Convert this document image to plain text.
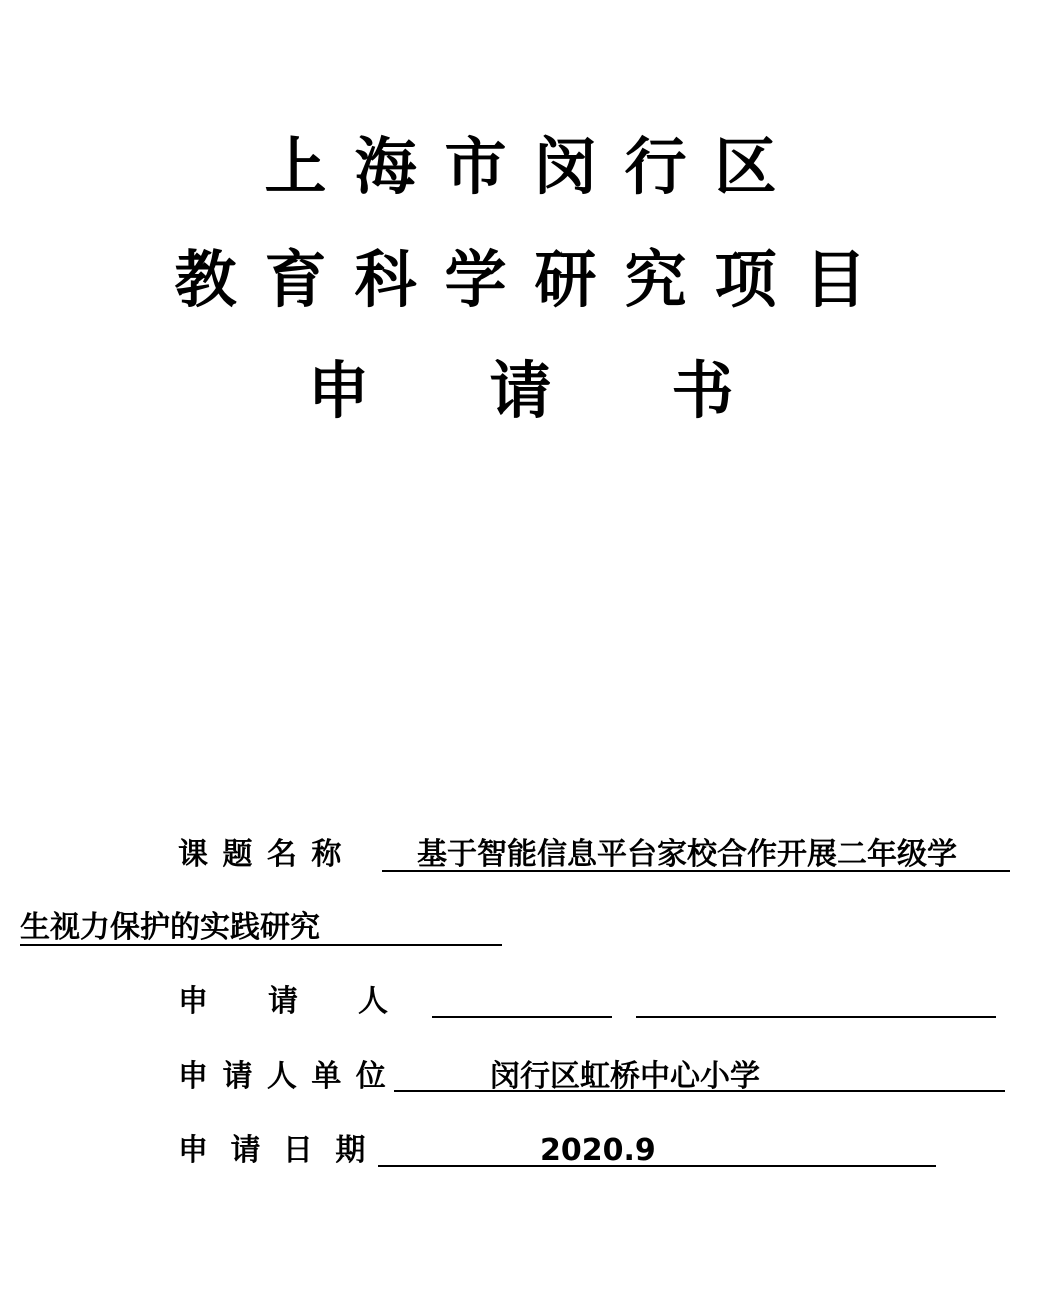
上海市闵行区
教育科学研究项目
申请书
课 题 名 称 基于智能信息平台家校合作开展二年级学
生视力保护的实践研究
申　　请　　人
申 请 人 单 位	闵行区虹桥中心小学
申 请 日 期	2020.9
